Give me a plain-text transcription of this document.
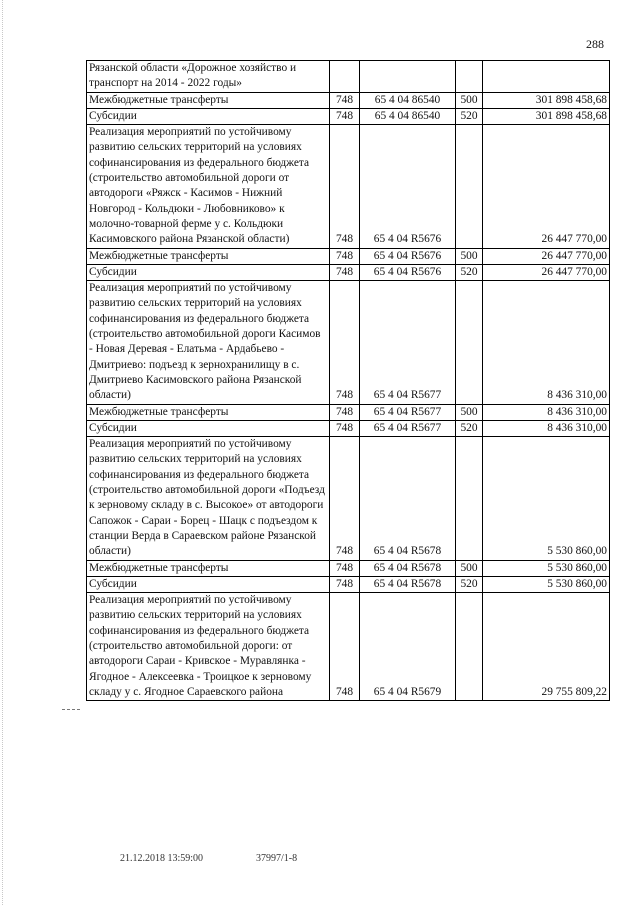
288
Рязанской области «Дорожное хозяйство и транспорт на 2014 - 2022 годы»				
Межбюджетные трансферты	748	65 4 04 86540	500	301 898 458,68
Субсидии	748	65 4 04 86540	520	301 898 458,68
Реализация мероприятий по устойчивому развитию сельских территорий на условиях софинансирования из федерального бюджета (строительство автомобильной дороги от автодороги «Ряжск - Касимов - Нижний Новгород - Кольдюки - Любовниково» к молочно-товарной ферме у с. Кольдюки Касимовского района Рязанской области)	748	65 4 04 R5676		26 447 770,00
Межбюджетные трансферты	748	65 4 04 R5676	500	26 447 770,00
Субсидии	748	65 4 04 R5676	520	26 447 770,00
Реализация мероприятий по устойчивому развитию сельских территорий на условиях софинансирования из федерального бюджета (строительство автомобильной дороги Касимов - Новая Деревая - Елатьма - Ардабьево - Дмитриево: подъезд к зернохранилищу в с. Дмитриево Касимовского района Рязанской области)	748	65 4 04 R5677		8 436 310,00
Межбюджетные трансферты	748	65 4 04 R5677	500	8 436 310,00
Субсидии	748	65 4 04 R5677	520	8 436 310,00
Реализация мероприятий по устойчивому развитию сельских территорий на условиях софинансирования из федерального бюджета (строительство автомобильной дороги «Подъезд к зерновому складу в с. Высокое» от автодороги Сапожок - Сараи - Борец - Шацк с подъездом к станции Верда в Сараевском районе Рязанской области)	748	65 4 04 R5678		5 530 860,00
Межбюджетные трансферты	748	65 4 04 R5678	500	5 530 860,00
Субсидии	748	65 4 04 R5678	520	5 530 860,00
Реализация мероприятий по устойчивому развитию сельских территорий на условиях софинансирования из федерального бюджета (строительство автомобильной дороги: от автодороги Сараи - Кривское - Муравлянка - Ягодное - Алексеевка - Троицкое к зерновому складу у с. Ягодное Сараевского района	748	65 4 04 R5679		29 755 809,22
21.12.2018 13:59:00	37997/1-8
